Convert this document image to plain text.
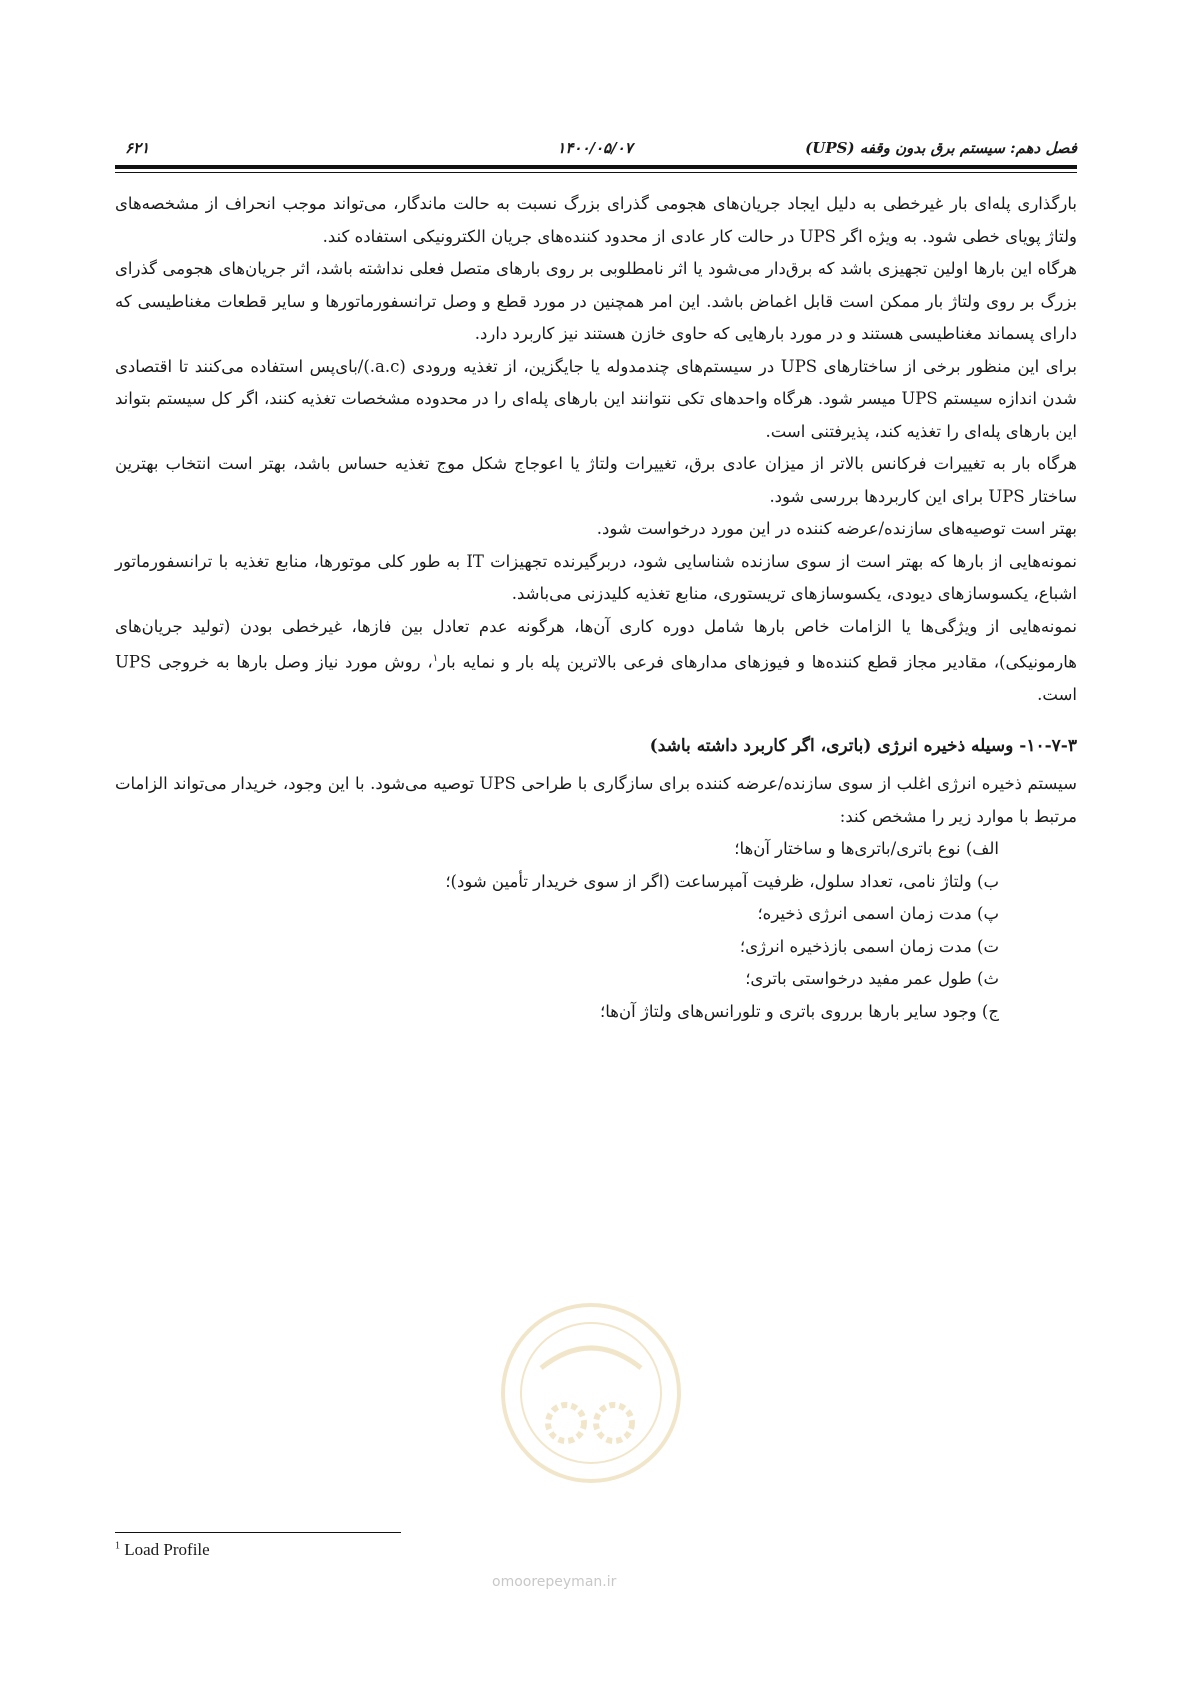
فصل دهم: سیستم برق بدون وقفه (UPS)
۱۴۰۰/۰۵/۰۷
۶۲۱

بارگذاری پله‌ای بار غیرخطی به دلیل ایجاد جریان‌های هجومی گذرای بزرگ نسبت به حالت ماندگار، می‌تواند موجب انحراف از مشخصه‌های ولتاژ پویای خطی شود. به ویژه اگر UPS در حالت کار عادی از محدود کننده‌های جریان الکترونیکی استفاده کند.

هرگاه این بارها اولین تجهیزی باشد که برق‌دار می‌شود یا اثر نامطلوبی بر روی بارهای متصل فعلی نداشته باشد، اثر جریان‌های هجومی گذرای بزرگ بر روی ولتاژ بار ممکن است قابل اغماض باشد. این امر همچنین در مورد قطع و وصل ترانسفورماتورها و سایر قطعات مغناطیسی که دارای پسماند مغناطیسی هستند و در مورد بارهایی که حاوی خازن هستند نیز کاربرد دارد.

برای این منظور برخی از ساختارهای UPS در سیستم‌های چندمدوله یا جایگزین، از تغذیه ورودی (a.c.)/بای‌پس استفاده می‌کنند تا اقتصادی شدن اندازه سیستم UPS میسر شود. هرگاه واحدهای تکی نتوانند این بارهای پله‌ای را در محدوده مشخصات تغذیه کنند، اگر کل سیستم بتواند این بارهای پله‌ای را تغذیه کند، پذیرفتنی است.

هرگاه بار به تغییرات فرکانس بالاتر از میزان عادی برق، تغییرات ولتاژ یا اعوجاج شکل موج تغذیه حساس باشد، بهتر است انتخاب بهترین ساختار UPS برای این کاربردها بررسی شود.

بهتر است توصیه‌های سازنده/عرضه کننده در این مورد درخواست شود.

نمونه‌هایی از بارها که بهتر است از سوی سازنده شناسایی شود، دربرگیرنده تجهیزات IT به طور کلی موتورها، منابع تغذیه با ترانسفورماتور اشباع، یکسوسازهای دیودی، یکسوسازهای تریستوری، منابع تغذیه کلیدزنی می‌باشد.

نمونه‌هایی از ویژگی‌ها یا الزامات خاص بارها شامل دوره کاری آن‌ها، هرگونه عدم تعادل بین فازها، غیرخطی بودن (تولید جریان‌های هارمونیکی)، مقادیر مجاز قطع کننده‌ها و فیوزهای مدارهای فرعی بالاترین پله بار و نمایه بار$^۱$، روش مورد نیاز وصل بارها به خروجی UPS است.

۱۰-۷-۳- وسیله ذخیره انرژی (باتری، اگر کاربرد داشته باشد)

سیستم ذخیره انرژی اغلب از سوی سازنده/عرضه کننده برای سازگاری با طراحی UPS توصیه می‌شود. با این وجود، خریدار می‌تواند الزامات مرتبط با موارد زیر را مشخص کند:

الف) نوع باتری/باتری‌ها و ساختار آن‌ها؛
ب) ولتاژ نامی، تعداد سلول، ظرفیت آمپرساعت (اگر از سوی خریدار تأمین شود)؛
پ) مدت زمان اسمی انرژی ذخیره؛
ت) مدت زمان اسمی بازذخیره انرژی؛
ث) طول عمر مفید درخواستی باتری؛
ج) وجود سایر بارها برروی باتری و تلورانس‌های ولتاژ آن‌ها؛
omoorepeyman.ir
$^1$ Load Profile
